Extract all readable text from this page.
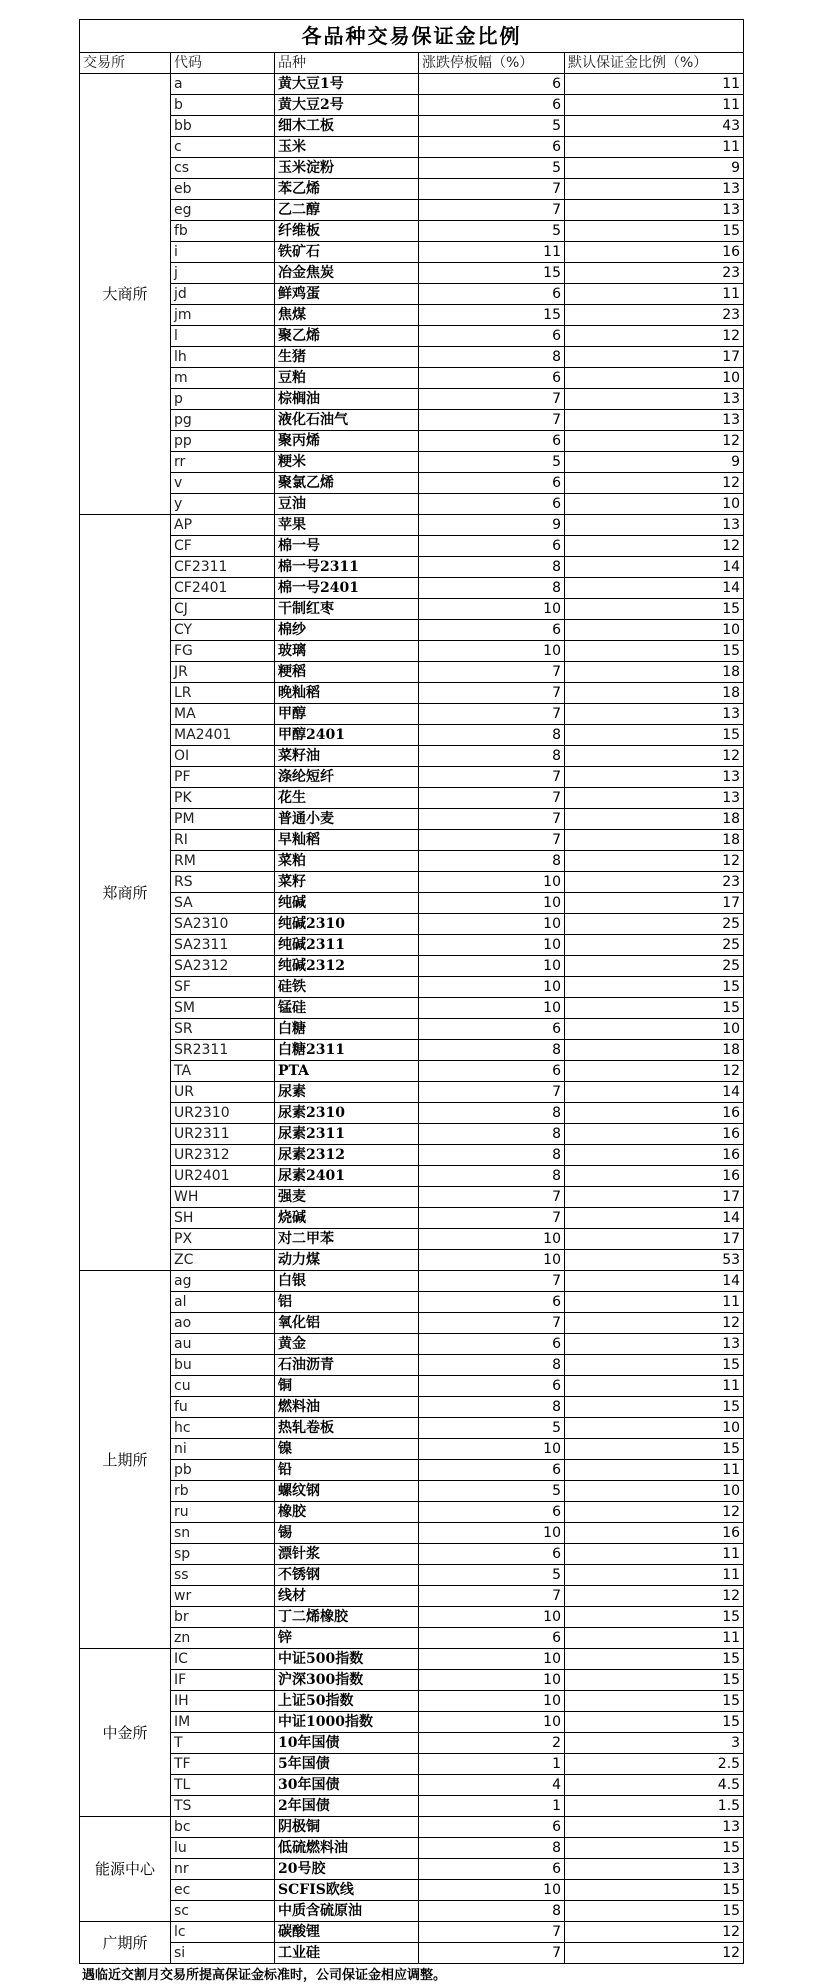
各品种交易保证金比例				
交易所	代码	品种	涨跌停板幅（%）	默认保证金比例（%）
大商所	a	黄大豆1号	6	11
	b	黄大豆2号	6	11
	bb	细木工板	5	43
	c	玉米	6	11
	cs	玉米淀粉	5	9
	eb	苯乙烯	7	13
	eg	乙二醇	7	13
	fb	纤维板	5	15
	i	铁矿石	11	16
	j	冶金焦炭	15	23
	jd	鲜鸡蛋	6	11
	jm	焦煤	15	23
	l	聚乙烯	6	12
	lh	生猪	8	17
	m	豆粕	6	10
	p	棕榈油	7	13
	pg	液化石油气	7	13
	pp	聚丙烯	6	12
	rr	粳米	5	9
	v	聚氯乙烯	6	12
	y	豆油	6	10
郑商所	AP	苹果	9	13
	CF	棉一号	6	12
	CF2311	棉一号2311	8	14
	CF2401	棉一号2401	8	14
	CJ	干制红枣	10	15
	CY	棉纱	6	10
	FG	玻璃	10	15
	JR	粳稻	7	18
	LR	晚籼稻	7	18
	MA	甲醇	7	13
	MA2401	甲醇2401	8	15
	OI	菜籽油	8	12
	PF	涤纶短纤	7	13
	PK	花生	7	13
	PM	普通小麦	7	18
	RI	早籼稻	7	18
	RM	菜粕	8	12
	RS	菜籽	10	23
	SA	纯碱	10	17
	SA2310	纯碱2310	10	25
	SA2311	纯碱2311	10	25
	SA2312	纯碱2312	10	25
	SF	硅铁	10	15
	SM	锰硅	10	15
	SR	白糖	6	10
	SR2311	白糖2311	8	18
	TA	PTA	6	12
	UR	尿素	7	14
	UR2310	尿素2310	8	16
	UR2311	尿素2311	8	16
	UR2312	尿素2312	8	16
	UR2401	尿素2401	8	16
	WH	强麦	7	17
	SH	烧碱	7	14
	PX	对二甲苯	10	17
	ZC	动力煤	10	53
上期所	ag	白银	7	14
	al	铝	6	11
	ao	氧化铝	7	12
	au	黄金	6	13
	bu	石油沥青	8	15
	cu	铜	6	11
	fu	燃料油	8	15
	hc	热轧卷板	5	10
	ni	镍	10	15
	pb	铅	6	11
	rb	螺纹钢	5	10
	ru	橡胶	6	12
	sn	锡	10	16
	sp	漂针浆	6	11
	ss	不锈钢	5	11
	wr	线材	7	12
	br	丁二烯橡胶	10	15
	zn	锌	6	11
中金所	IC	中证500指数	10	15
	IF	沪深300指数	10	15
	IH	上证50指数	10	15
	IM	中证1000指数	10	15
	T	10年国债	2	3
	TF	5年国债	1	2.5
	TL	30年国债	4	4.5
	TS	2年国债	1	1.5
能源中心	bc	阴极铜	6	13
	lu	低硫燃料油	8	15
	nr	20号胶	6	13
	ec	SCFIS欧线	10	15
	sc	中质含硫原油	8	15
广期所	lc	碳酸锂	7	12
	si	工业硅	7	12
遇临近交割月交易所提高保证金标准时，公司保证金相应调整。
